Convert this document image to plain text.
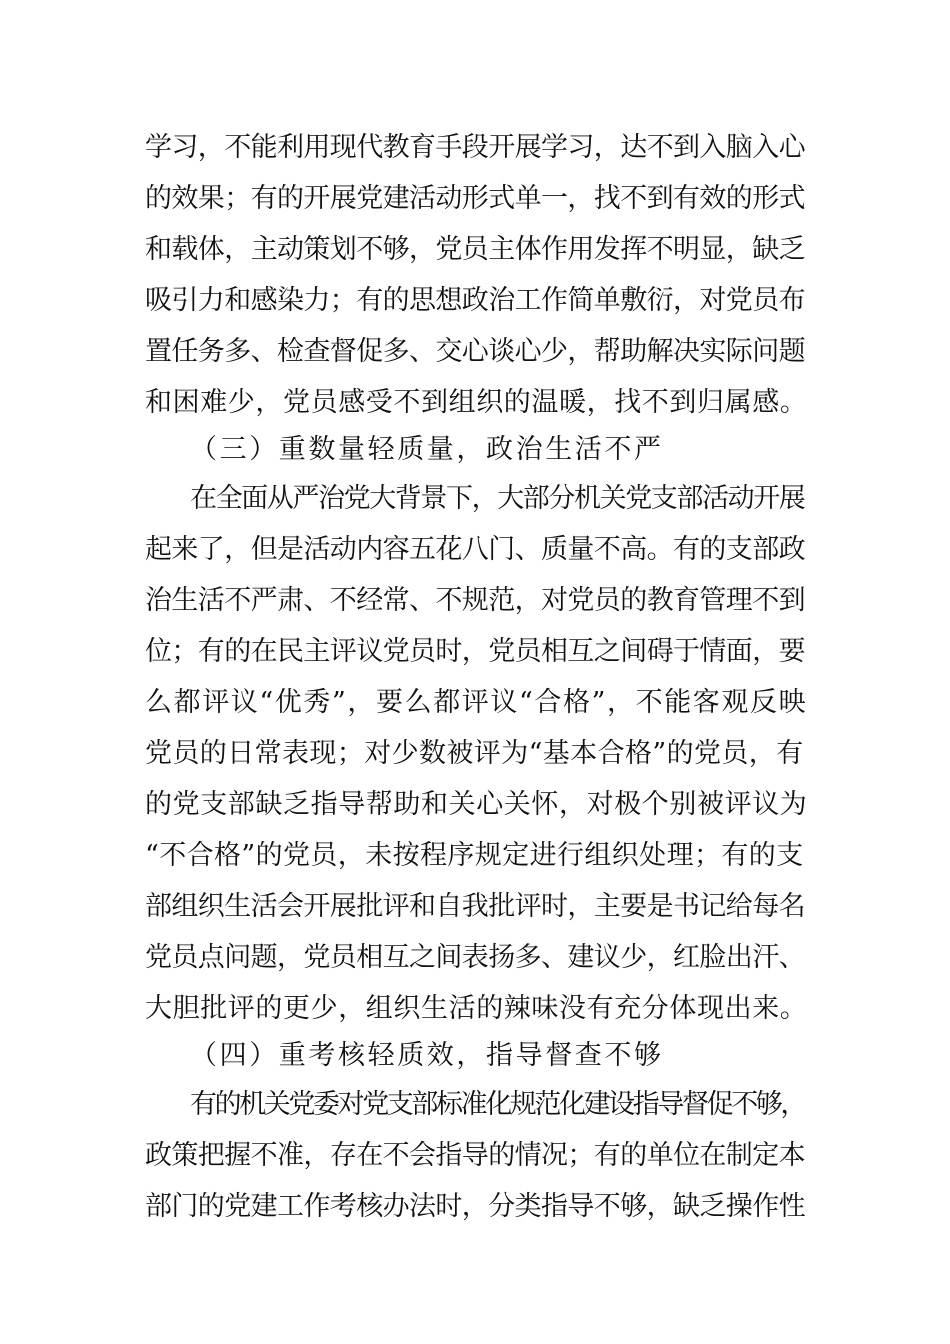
学习，不能利用现代教育手段开展学习，达不到入脑入心
的效果；有的开展党建活动形式单一，找不到有效的形式
和载体，主动策划不够，党员主体作用发挥不明显，缺乏
吸引力和感染力；有的思想政治工作简单敷衍，对党员布
置任务多、检查督促多、交心谈心少，帮助解决实际问题
和困难少，党员感受不到组织的温暖，找不到归属感。
（三）重数量轻质量，政治生活不严
在全面从严治党大背景下，大部分机关党支部活动开展
起来了，但是活动内容五花八门、质量不高。有的支部政
治生活不严肃、不经常、不规范，对党员的教育管理不到
位；有的在民主评议党员时，党员相互之间碍于情面，要
么都评议“优秀”，要么都评议“合格”，不能客观反映
党员的日常表现；对少数被评为“基本合格”的党员，有
的党支部缺乏指导帮助和关心关怀，对极个别被评议为
“不合格”的党员，未按程序规定进行组织处理；有的支
部组织生活会开展批评和自我批评时，主要是书记给每名
党员点问题，党员相互之间表扬多、建议少，红脸出汗、
大胆批评的更少，组织生活的辣味没有充分体现出来。
（四）重考核轻质效，指导督查不够
有的机关党委对党支部标准化规范化建设指导督促不够，
政策把握不准，存在不会指导的情况；有的单位在制定本
部门的党建工作考核办法时，分类指导不够，缺乏操作性
